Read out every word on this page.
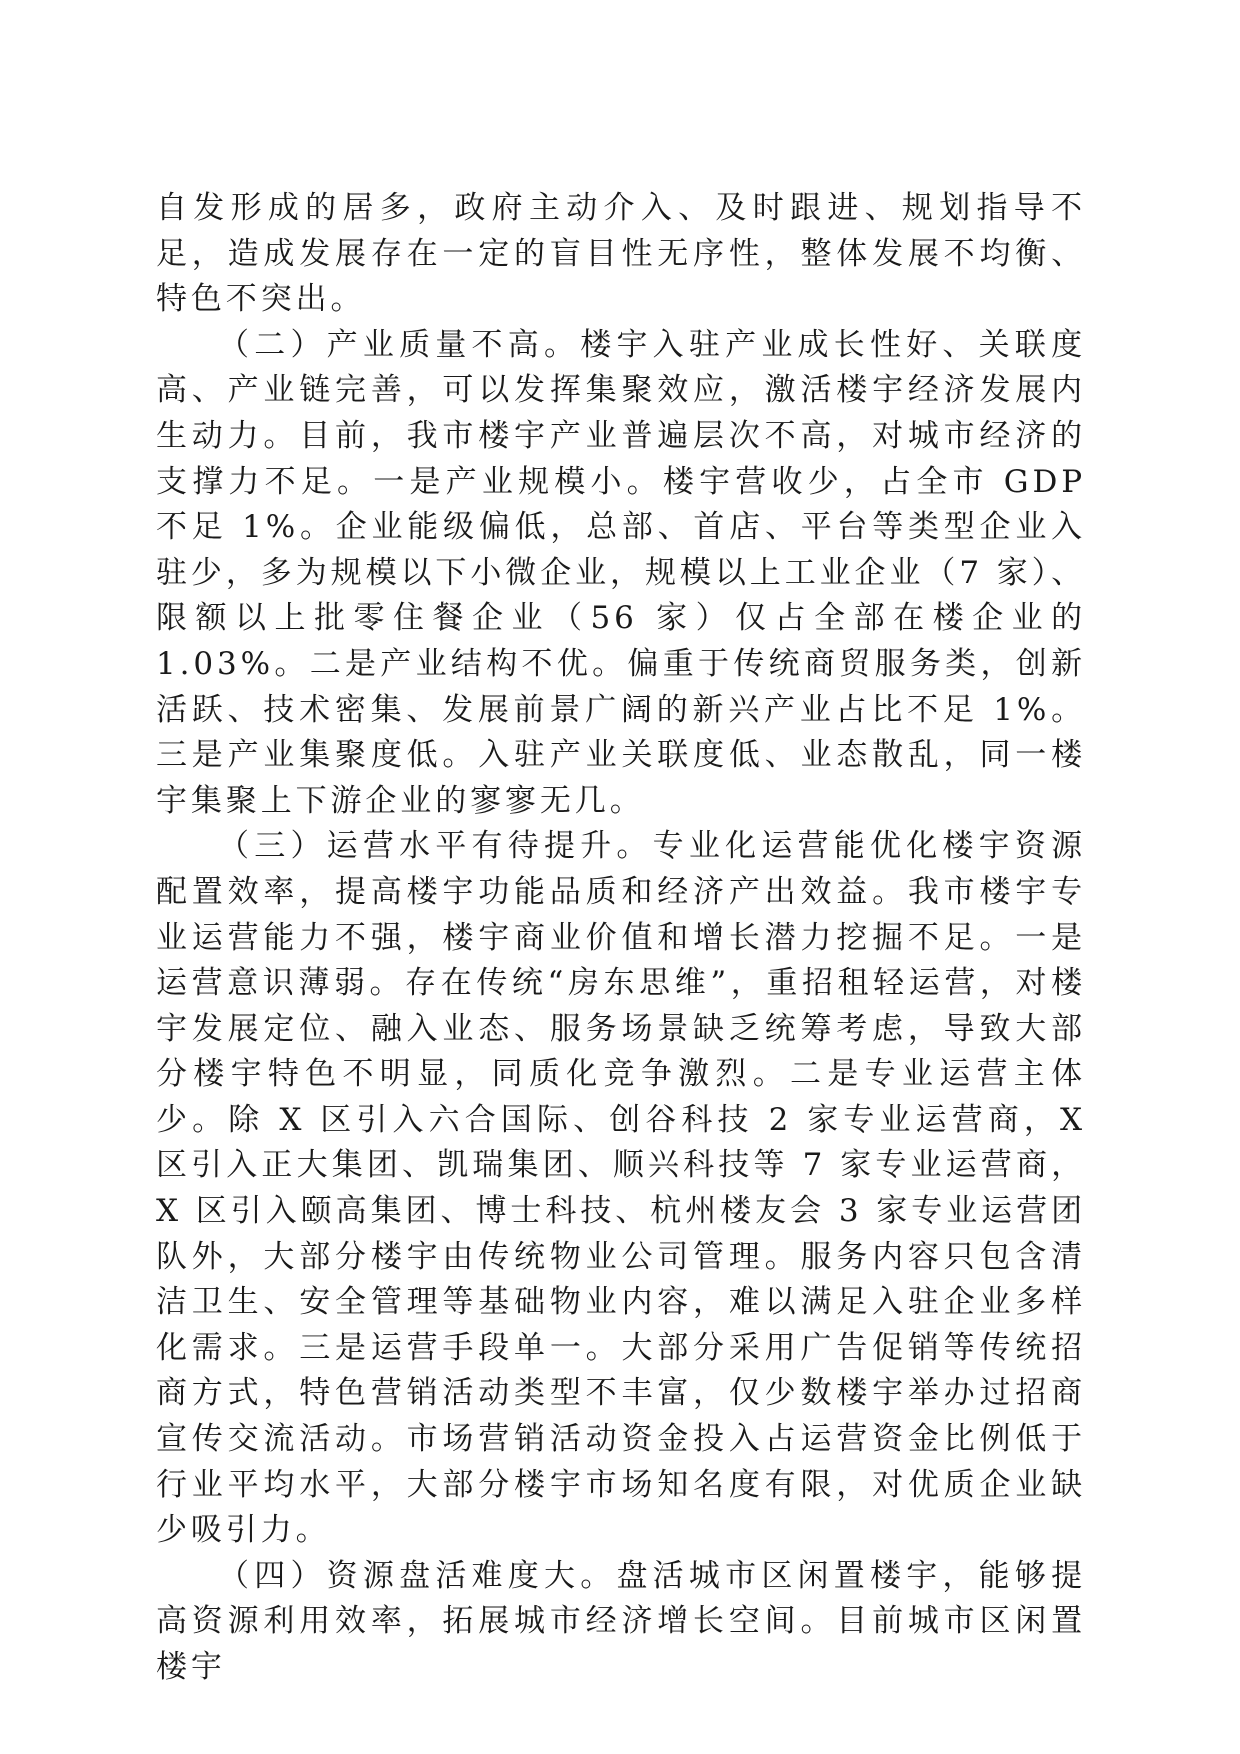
自发形成的居多，政府主动介入、及时跟进、规划指导不足，造成发展存在一定的盲目性无序性，整体发展不均衡、特色不突出。

（二）产业质量不高。楼宇入驻产业成长性好、关联度高、产业链完善，可以发挥集聚效应，激活楼宇经济发展内生动力。目前，我市楼宇产业普遍层次不高，对城市经济的支撑力不足。一是产业规模小。楼宇营收少，占全市 GDP 不足 1%。企业能级偏低，总部、首店、平台等类型企业入驻少，多为规模以下小微企业，规模以上工业企业（7 家）、限额以上批零住餐企业（56 家）仅占全部在楼企业的 1.03%。二是产业结构不优。偏重于传统商贸服务类，创新活跃、技术密集、发展前景广阔的新兴产业占比不足 1%。三是产业集聚度低。入驻产业关联度低、业态散乱，同一楼宇集聚上下游企业的寥寥无几。

（三）运营水平有待提升。专业化运营能优化楼宇资源配置效率，提高楼宇功能品质和经济产出效益。我市楼宇专业运营能力不强，楼宇商业价值和增长潜力挖掘不足。一是运营意识薄弱。存在传统“房东思维”，重招租轻运营，对楼宇发展定位、融入业态、服务场景缺乏统筹考虑，导致大部分楼宇特色不明显，同质化竞争激烈。二是专业运营主体少。除 X 区引入六合国际、创谷科技 2 家专业运营商，X 区引入正大集团、凯瑞集团、顺兴科技等 7 家专业运营商，X 区引入颐高集团、博士科技、杭州楼友会 3 家专业运营团队外，大部分楼宇由传统物业公司管理。服务内容只包含清洁卫生、安全管理等基础物业内容，难以满足入驻企业多样化需求。三是运营手段单一。大部分采用广告促销等传统招商方式，特色营销活动类型不丰富，仅少数楼宇举办过招商宣传交流活动。市场营销活动资金投入占运营资金比例低于行业平均水平，大部分楼宇市场知名度有限，对优质企业缺少吸引力。

（四）资源盘活难度大。盘活城市区闲置楼宇，能够提高资源利用效率，拓展城市经济增长空间。目前城市区闲置楼宇
